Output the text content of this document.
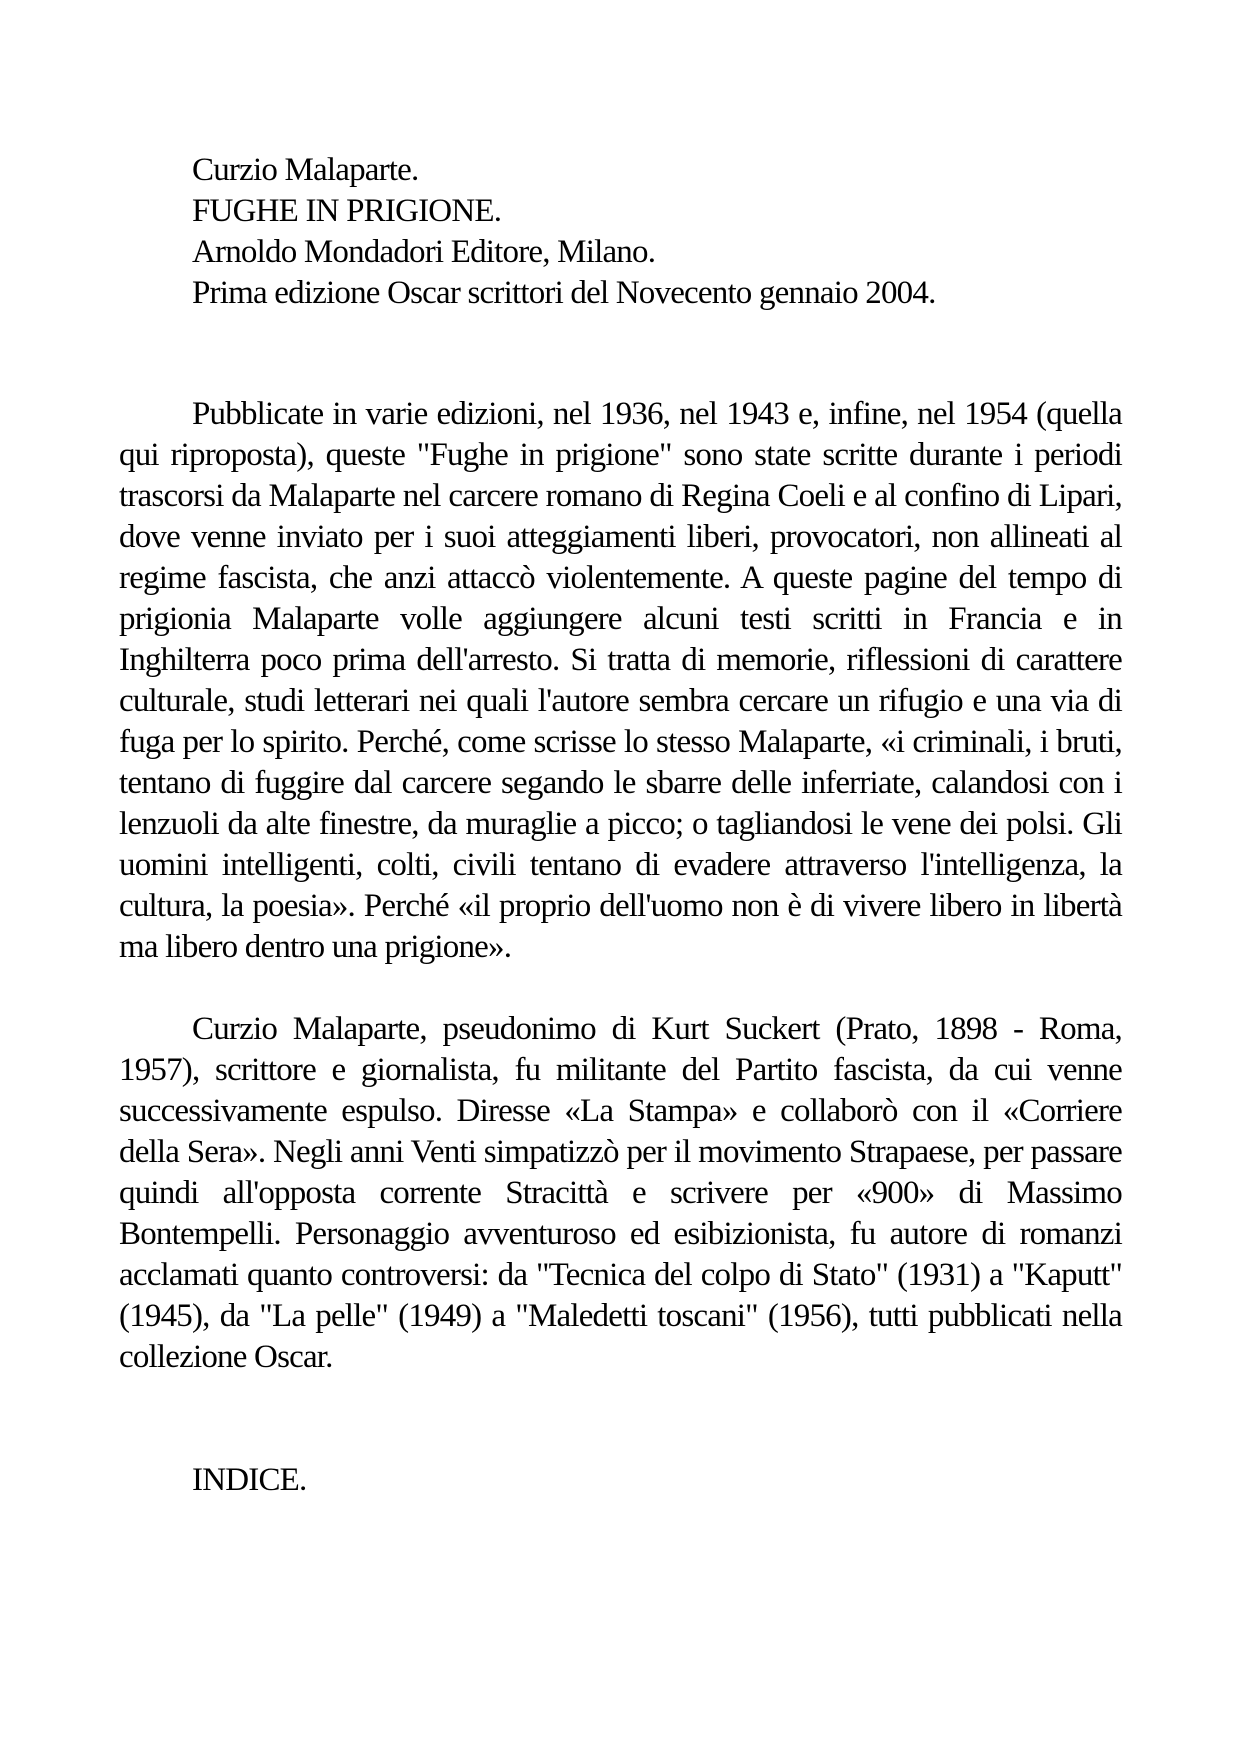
Curzio Malaparte.
FUGHE IN PRIGIONE.
Arnoldo Mondadori Editore, Milano.
Prima edizione Oscar scrittori del Novecento gennaio 2004.
Pubblicate in varie edizioni, nel 1936, nel 1943 e, infine, nel 1954 (quella qui riproposta), queste "Fughe in prigione" sono state scritte durante i periodi trascorsi da Malaparte nel carcere romano di Regina Coeli e al confino di Lipari, dove venne inviato per i suoi atteggiamenti liberi, provocatori, non allineati al regime fascista, che anzi attaccò violentemente. A queste pagine del tempo di prigionia Malaparte volle aggiungere alcuni testi scritti in Francia e in Inghilterra poco prima dell'arresto. Si tratta di memorie, riflessioni di carattere culturale, studi letterari nei quali l'autore sembra cercare un rifugio e una via di fuga per lo spirito. Perché, come scrisse lo stesso Malaparte, «i criminali, i bruti, tentano di fuggire dal carcere segando le sbarre delle inferriate, calandosi con i lenzuoli da alte finestre, da muraglie a picco; o tagliandosi le vene dei polsi. Gli uomini intelligenti, colti, civili tentano di evadere attraverso l'intelligenza, la cultura, la poesia». Perché «il proprio dell'uomo non è di vivere libero in libertà ma libero dentro una prigione».
Curzio Malaparte, pseudonimo di Kurt Suckert (Prato, 1898 - Roma, 1957), scrittore e giornalista, fu militante del Partito fascista, da cui venne successivamente espulso. Diresse «La Stampa» e collaborò con il «Corriere della Sera». Negli anni Venti simpatizzò per il movimento Strapaese, per passare quindi all'opposta corrente Stracittà e scrivere per «900» di Massimo Bontempelli. Personaggio avventuroso ed esibizionista, fu autore di romanzi acclamati quanto controversi: da "Tecnica del colpo di Stato" (1931) a "Kaputt" (1945), da "La pelle" (1949) a "Maledetti toscani" (1956), tutti pubblicati nella collezione Oscar.
INDICE.
